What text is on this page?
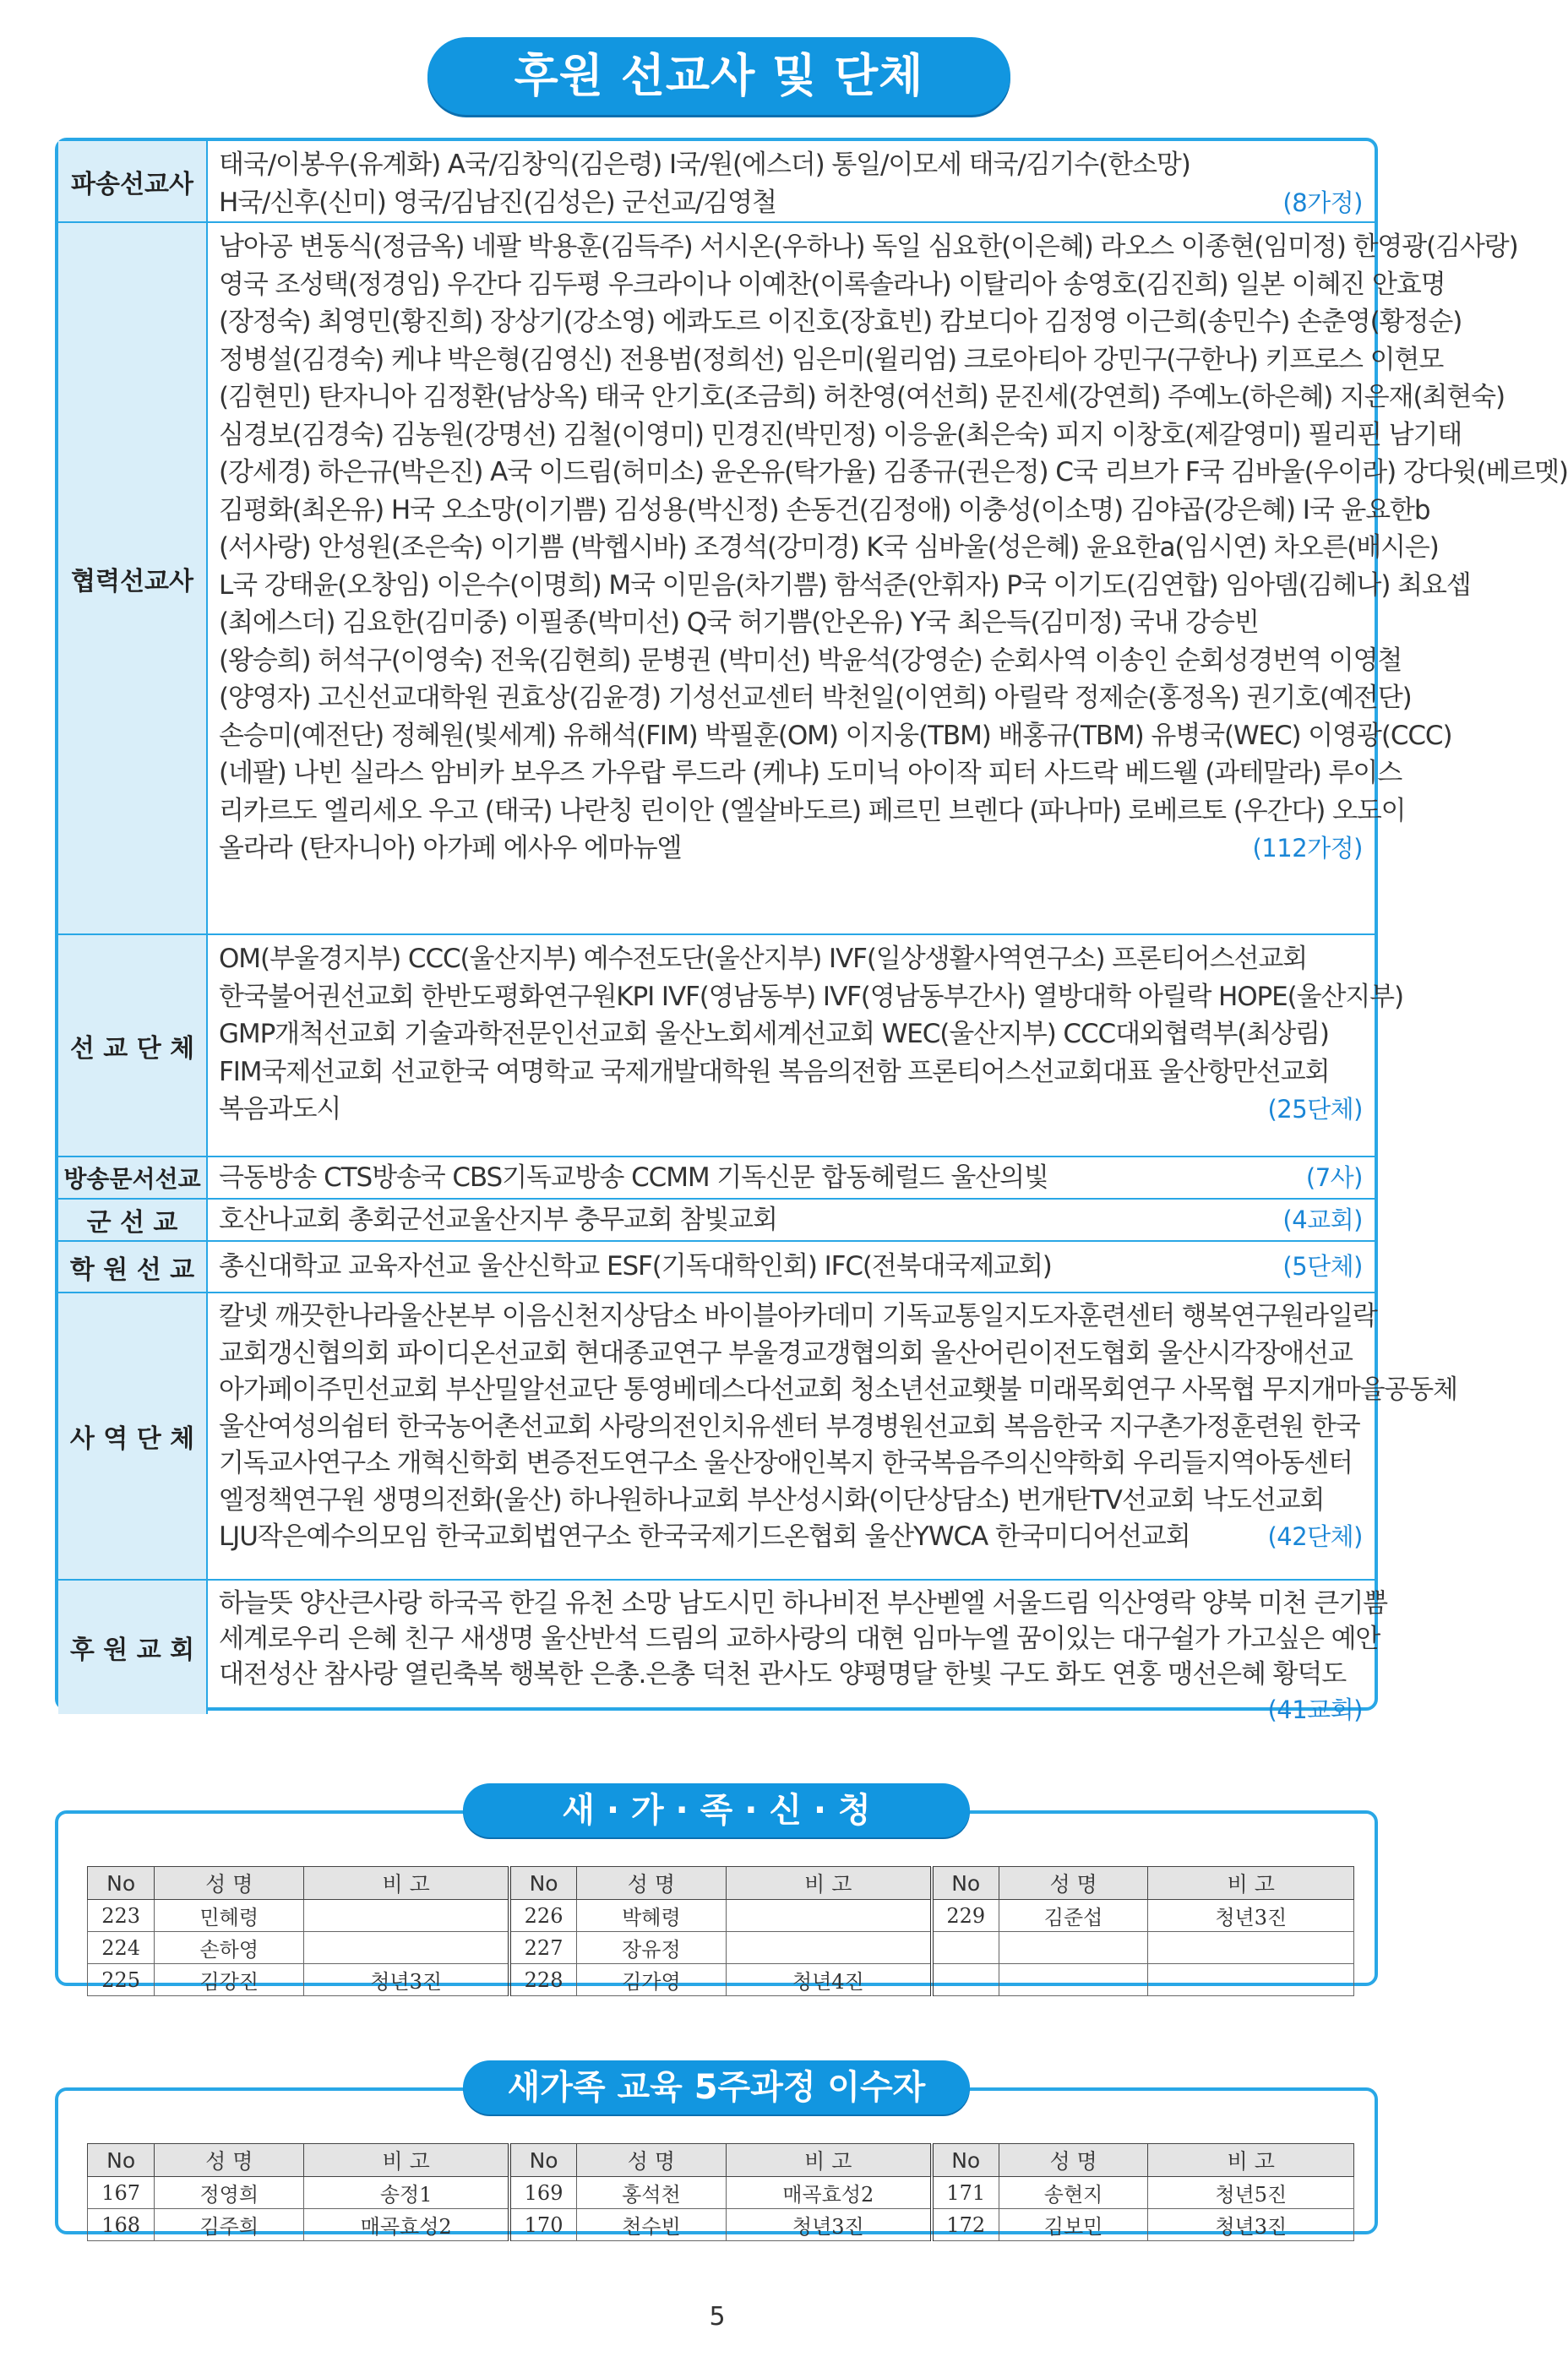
후원 선교사 및 단체
파송선교사
태국/이봉우(유계화) A국/김창익(김은령) I국/원(에스더) 통일/이모세 태국/김기수(한소망)
H국/신후(신미) 영국/김남진(김성은) 군선교/김영철	(8가정)
협력선교사
남아공 변동식(정금옥) 네팔 박용훈(김득주) 서시온(우하나) 독일 심요한(이은혜) 라오스 이종현(임미정) 한영광(김사랑)
영국 조성택(정경임) 우간다 김두평 우크라이나 이예찬(이록솔라나) 이탈리아 송영호(김진희) 일본 이혜진 안효명
(장정숙) 최영민(황진희) 장상기(강소영) 에콰도르 이진호(장효빈) 캄보디아 김정영 이근희(송민수) 손춘영(황정순)
정병설(김경숙) 케냐 박은형(김영신) 전용범(정희선) 임은미(윌리엄) 크로아티아 강민구(구한나) 키프로스 이현모
(김현민) 탄자니아 김정환(남상옥) 태국 안기호(조금희) 허찬영(여선희) 문진세(강연희) 주예노(하은혜) 지은재(최현숙)
심경보(김경숙) 김농원(강명선) 김철(이영미) 민경진(박민정) 이응윤(최은숙) 피지 이창호(제갈영미) 필리핀 남기태
(강세경) 하은규(박은진) A국 이드림(허미소) 윤온유(탁가율) 김종규(권은정) C국 리브가 F국 김바울(우이라) 강다윗(베르멧)
김평화(최온유) H국 오소망(이기쁨) 김성용(박신정) 손동건(김정애) 이충성(이소명) 김야곱(강은혜) I국 윤요한b
(서사랑) 안성원(조은숙) 이기쁨 (박헵시바) 조경석(강미경) K국 심바울(성은혜) 윤요한a(임시연) 차오른(배시은)
L국 강태윤(오창임) 이은수(이명희) M국 이믿음(차기쁨) 함석준(안휘자) P국 이기도(김연합) 임아뎀(김헤나) 최요셉
(최에스더) 김요한(김미중) 이필종(박미선) Q국 허기쁨(안온유) Y국 최은득(김미정) 국내 강승빈
(왕승희) 허석구(이영숙) 전욱(김현희) 문병권 (박미선) 박윤석(강영순) 순회사역 이송인 순회성경번역 이영철
(양영자) 고신선교대학원 권효상(김윤경) 기성선교센터 박천일(이연희) 아릴락 정제순(홍정옥) 권기호(예전단)
손승미(예전단) 정혜원(빛세계) 유해석(FIM) 박필훈(OM) 이지웅(TBM) 배홍규(TBM) 유병국(WEC) 이영광(CCC)
(네팔) 나빈 실라스 암비카 보우즈 가우랍 루드라 (케냐) 도미닉 아이작 피터 사드락 베드웰 (과테말라) 루이스
리카르도 엘리세오 우고 (태국) 나란칭 린이안 (엘살바도르) 페르민 브렌다 (파나마) 로베르토 (우간다) 오도이
올라라 (탄자니아) 아가페 에사우 에마뉴엘	(112가정)
선 교 단 체
OM(부울경지부) CCC(울산지부) 예수전도단(울산지부) IVF(일상생활사역연구소) 프론티어스선교회
한국불어권선교회 한반도평화연구원KPI IVF(영남동부) IVF(영남동부간사) 열방대학 아릴락 HOPE(울산지부)
GMP개척선교회 기술과학전문인선교회 울산노회세계선교회 WEC(울산지부) CCC대외협력부(최상림)
FIM국제선교회 선교한국 여명학교 국제개발대학원 복음의전함 프론티어스선교회대표 울산항만선교회
복음과도시	(25단체)
방송문서선교 극동방송 CTS방송국 CBS기독교방송 CCMM 기독신문 합동헤럴드 울산의빛	(7사)
군 선 교	호산나교회 총회군선교울산지부 충무교회 참빛교회	(4교회)
학 원 선 교 총신대학교 교육자선교 울산신학교 ESF(기독대학인회) IFC(전북대국제교회)	(5단체)
사 역 단 체
칼넷 깨끗한나라울산본부 이음신천지상담소 바이블아카데미 기독교통일지도자훈련센터 행복연구원라일락
교회갱신협의회 파이디온선교회 현대종교연구 부울경교갱협의회 울산어린이전도협회 울산시각장애선교
아가페이주민선교회 부산밀알선교단 통영베데스다선교회 청소년선교횃불 미래목회연구 사목협 무지개마을공동체
울산여성의쉼터 한국농어촌선교회 사랑의전인치유센터 부경병원선교회 복음한국 지구촌가정훈련원 한국
기독교사연구소 개혁신학회 변증전도연구소 울산장애인복지 한국복음주의신약학회 우리들지역아동센터
엘정책연구원 생명의전화(울산) 하나원하나교회 부산성시화(이단상담소) 번개탄TV선교회 낙도선교회
LJU작은예수의모임 한국교회법연구소 한국국제기드온협회 울산YWCA 한국미디어선교회	(42단체)
후 원 교 회
하늘뜻 양산큰사랑 하국곡 한길 유천 소망 남도시민 하나비전 부산벧엘 서울드림 익산영락 양북 미천 큰기쁨
세계로우리 은혜 친구 새생명 울산반석 드림의 교하사랑의 대현 임마누엘 꿈이있는 대구쉴가 가고싶은 예안
대전성산 참사랑 열린축복 행복한 은총.은총 덕천 관사도 양평명달 한빛 구도 화도 연홍 맹선은혜 황덕도
(41교회)
No	성 명	비 고	No	성 명	비 고	No	성 명	비 고
223	민혜령		226	박혜령		229	김준섭	청년3진
224	손하영		227	장유정				
225	김강진	청년3진	228	김가영	청년4진			
새 · 가 · 족 · 신 · 청
No	성 명	비 고	No	성 명	비 고	No	성 명	비 고
167	정영희	송정1	169	홍석천	매곡효성2	171	송현지	청년5진
168	김주희	매곡효성2	170	천수빈	청년3진	172	김보민	청년3진
새가족 교육 5주과정 이수자
5
